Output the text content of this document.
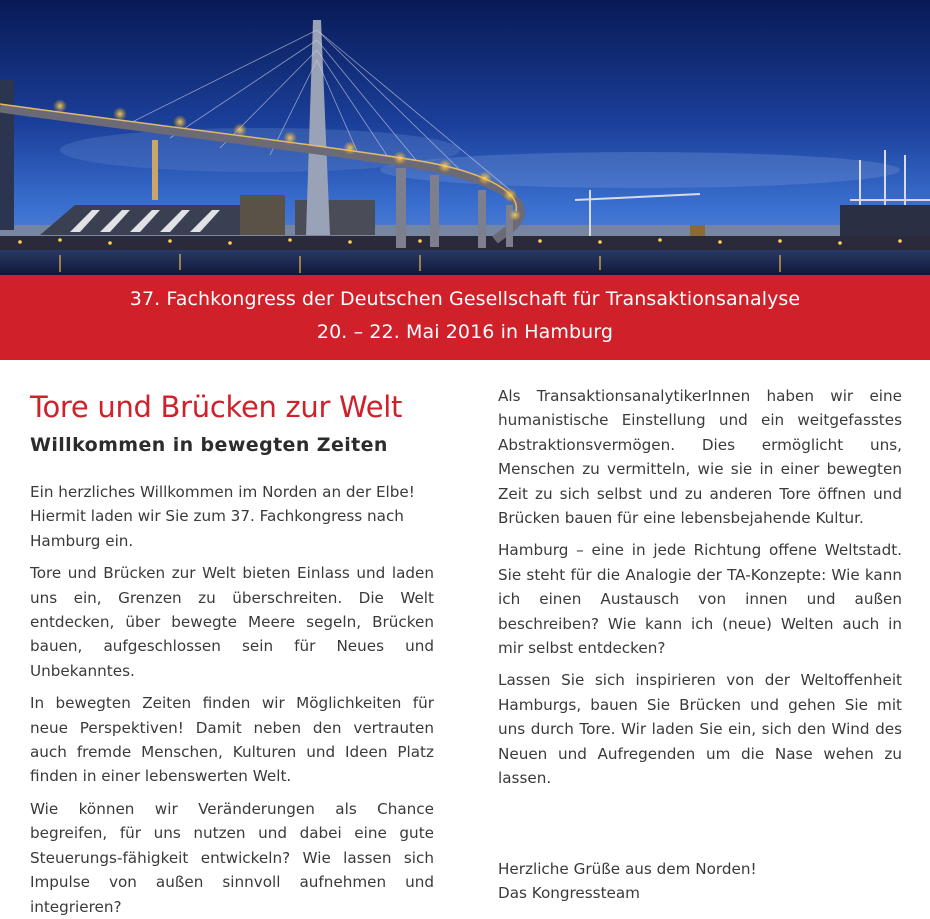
37. Fachkongress der Deutschen Gesellschaft für Transaktionsanalyse
20. – 22. Mai 2016 in Hamburg
Tore und Brücken zur Welt
Willkommen in bewegten Zeiten

Ein herzliches Willkommen im Norden an der Elbe! Hiermit laden wir Sie zum 37. Fachkongress nach Hamburg ein.

Tore und Brücken zur Welt bieten Einlass und laden uns ein, Grenzen zu überschreiten. Die Welt entdecken, über bewegte Meere segeln, Brücken bauen, aufgeschlossen sein für Neues und Unbekanntes.

In bewegten Zeiten finden wir Möglichkeiten für neue Perspektiven! Damit neben den vertrauten auch fremde Menschen, Kulturen und Ideen Platz finden in einer lebenswerten Welt.

Wie können wir Veränderungen als Chance begreifen, für uns nutzen und dabei eine gute Steuerungs-fähigkeit entwickeln? Wie lassen sich Impulse von außen sinnvoll aufnehmen und integrieren?

Als TransaktionsanalytikerInnen haben wir eine humanistische Einstellung und ein weitgefasstes Abstraktionsvermögen. Dies ermöglicht uns, Menschen zu vermitteln, wie sie in einer bewegten Zeit zu sich selbst und zu anderen Tore öffnen und Brücken bauen für eine lebensbejahende Kultur.

Hamburg – eine in jede Richtung offene Weltstadt. Sie steht für die Analogie der TA-Konzepte: Wie kann ich einen Austausch von innen und außen beschreiben? Wie kann ich (neue) Welten auch in mir selbst entdecken?

Lassen Sie sich inspirieren von der Weltoffenheit Hamburgs, bauen Sie Brücken und gehen Sie mit uns durch Tore. Wir laden Sie ein, sich den Wind des Neuen und Aufregenden um die Nase wehen zu lassen.

Herzliche Grüße aus dem Norden!

Das Kongressteam
